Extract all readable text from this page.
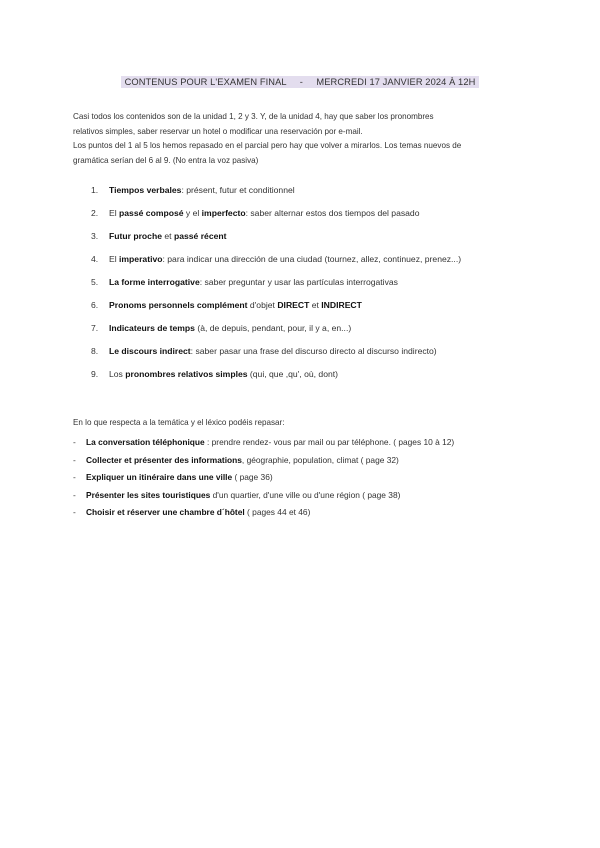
CONTENUS POUR L'EXAMEN FINAL     -     MERCREDI 17 JANVIER 2024 À 12H

Casi todos los contenidos son de la unidad 1, 2 y 3. Y, de la unidad 4, hay que saber los pronombres

relativos simples, saber reservar un hotel o modificar una reservación por e-mail.

Los puntos del 1 al 5 los hemos repasado en el parcial pero hay que volver a mirarlos. Los temas nuevos de

gramática serían del 6 al 9. (No entra la voz pasiva)

1.	Tiempos verbales: présent, futur et conditionnel
2.	El passé composé y el imperfecto: saber alternar estos dos tiempos del pasado
3.	Futur proche et passé récent
4.	El imperativo: para indicar una dirección de una ciudad (tournez, allez, continuez, prenez...)
5.	La forme interrogative: saber preguntar y usar las partículas interrogativas
6.	Pronoms personnels complément d'objet DIRECT et INDIRECT
7.	Indicateurs de temps (à, de depuis, pendant, pour, il y a, en...)
8.	Le discours indirect: saber pasar una frase del discurso directo al discurso indirecto)
9.	Los pronombres relativos simples (qui, que ,qu', où, dont)
En lo que respecta a la temática y el léxico podéis repasar:
- La conversation téléphonique : prendre rendez- vous par mail ou par téléphone. ( pages 10 à 12)
- Collecter et présenter des informations, géographie, population, climat ( page 32)
- Expliquer un itinéraire dans une ville ( page 36)
- Présenter les sites touristiques d'un quartier, d'une ville ou d'une région ( page 38)
- Choisir et réserver une chambre d´hôtel ( pages 44 et 46)
